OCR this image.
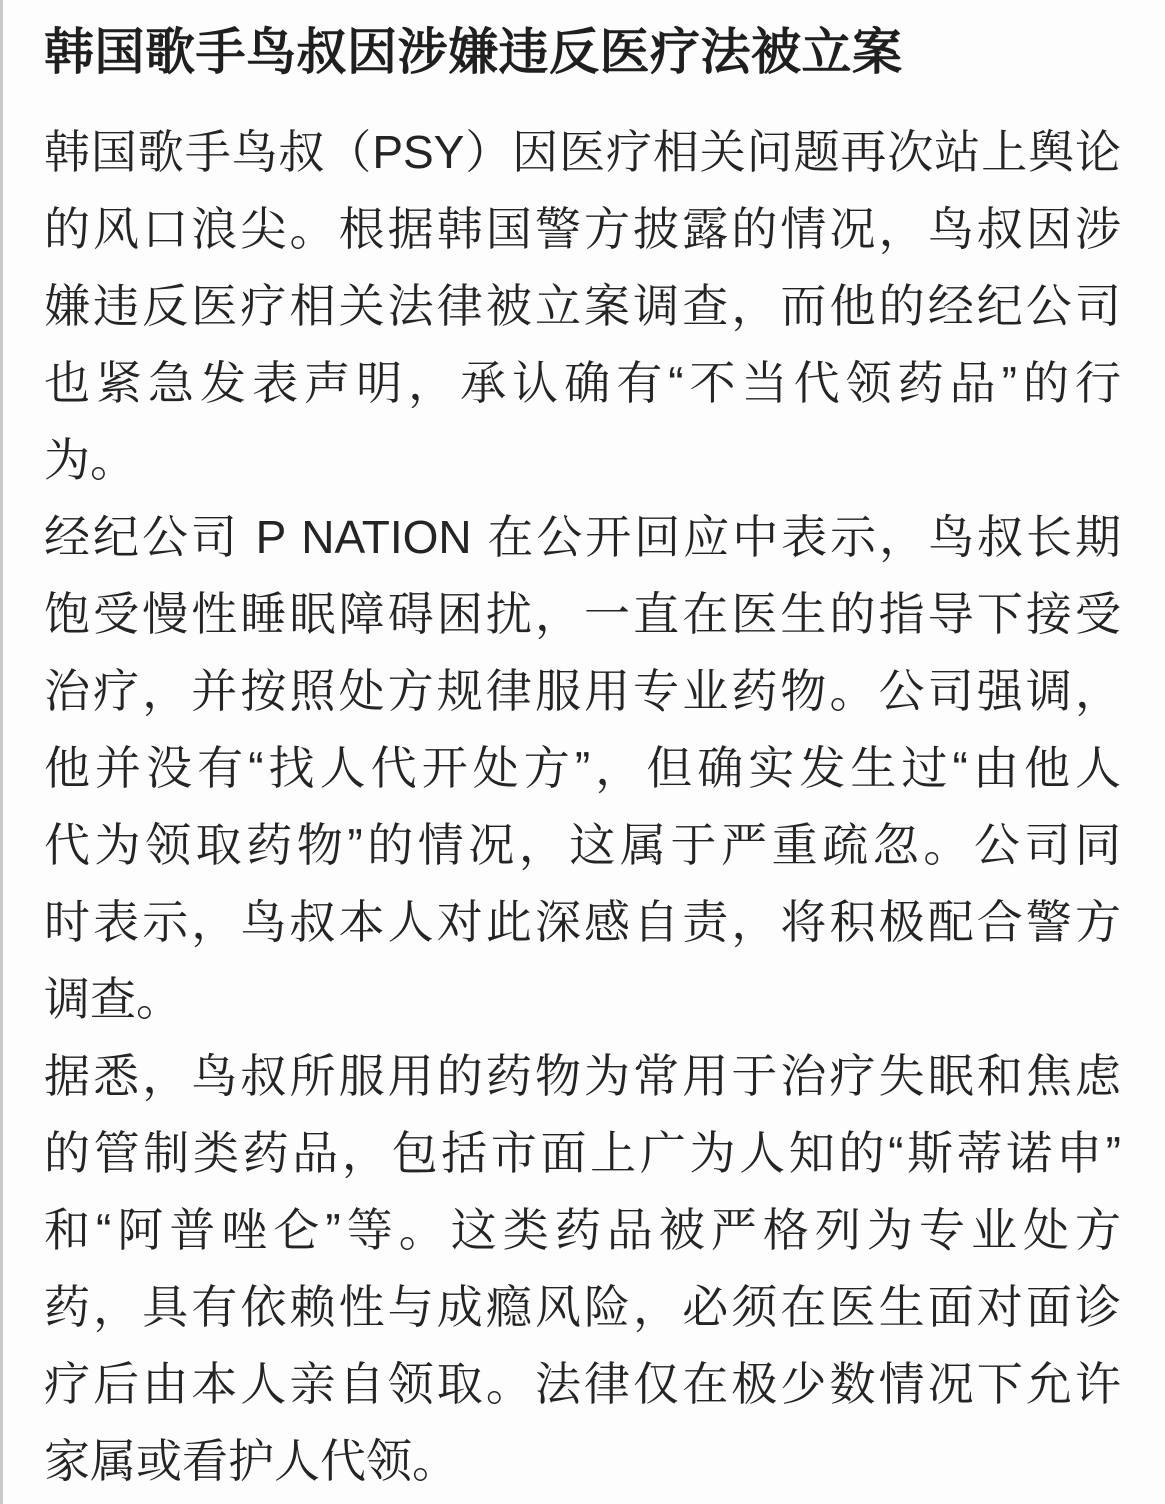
韩国歌手鸟叔因涉嫌违反医疗法被立案
韩国歌手鸟叔（PSY）因医疗相关问题再次站上舆论
的风口浪尖。根据韩国警方披露的情况，鸟叔因涉
嫌违反医疗相关法律被立案调查，而他的经纪公司
也紧急发表声明，承认确有“不当代领药品”的行
为。
经纪公司 P NATION 在公开回应中表示，鸟叔长期
饱受慢性睡眠障碍困扰，一直在医生的指导下接受
治疗，并按照处方规律服用专业药物。公司强调，
他并没有“找人代开处方”，但确实发生过“由他人
代为领取药物”的情况，这属于严重疏忽。公司同
时表示，鸟叔本人对此深感自责，将积极配合警方
调查。
据悉，鸟叔所服用的药物为常用于治疗失眠和焦虑
的管制类药品，包括市面上广为人知的“斯蒂诺申”
和“阿普唑仑”等。这类药品被严格列为专业处方
药，具有依赖性与成瘾风险，必须在医生面对面诊
疗后由本人亲自领取。法律仅在极少数情况下允许
家属或看护人代领。
